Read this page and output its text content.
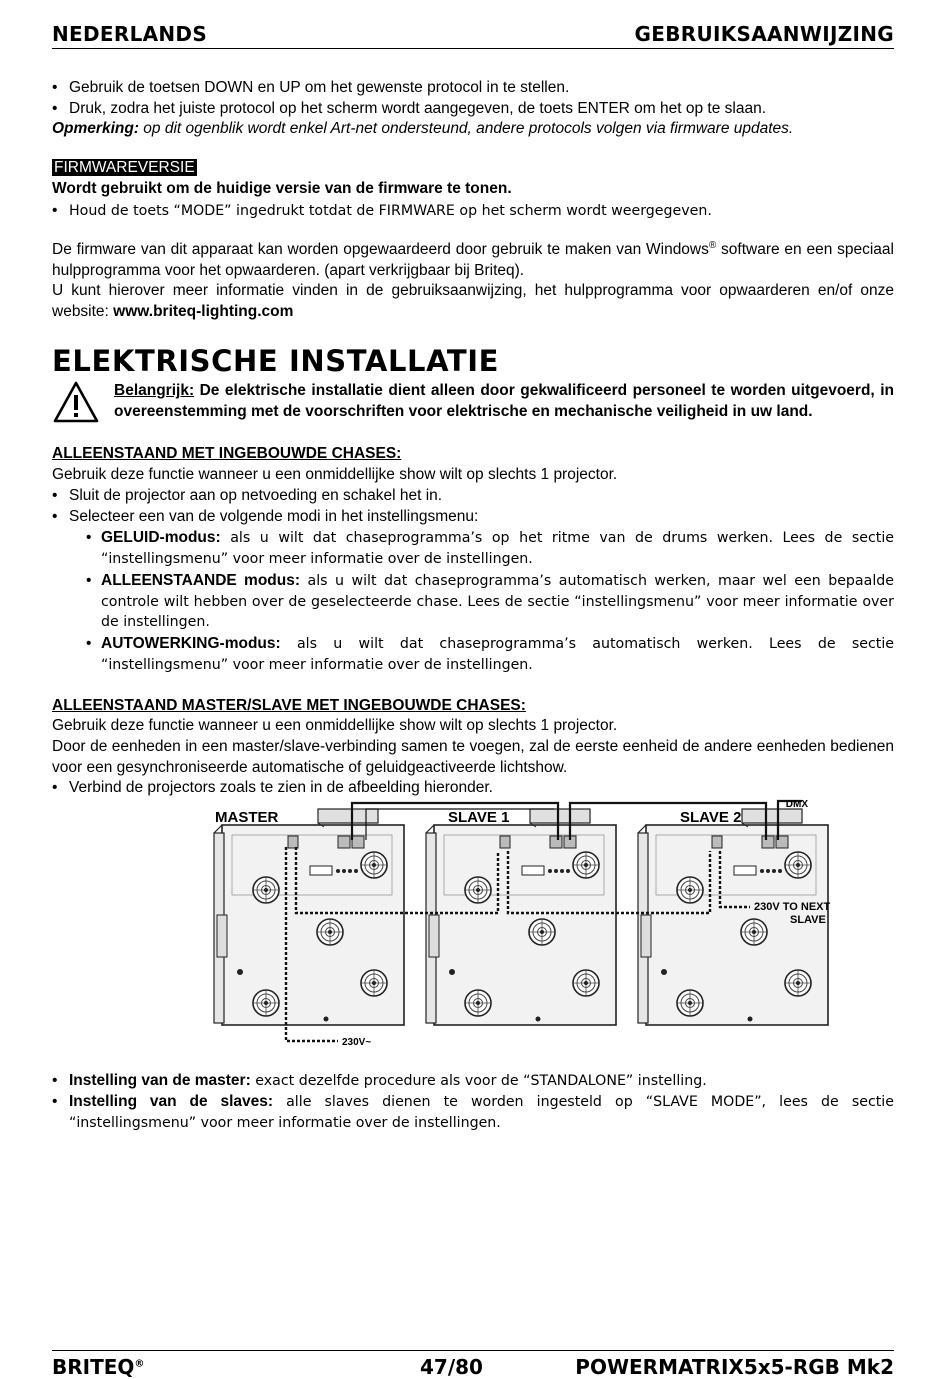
NEDERLANDS	GEBRUIKSAANWIJZING
• Gebruik de toetsen DOWN en UP om het gewenste protocol in te stellen.
• Druk, zodra het juiste protocol op het scherm wordt aangegeven, de toets ENTER om het op te slaan.
Opmerking: op dit ogenblik wordt enkel Art-net ondersteund, andere protocols volgen via firmware updates.
FIRMWAREVERSIE
Wordt gebruikt om de huidige versie van de firmware te tonen.
• Houd de toets “MODE” ingedrukt totdat de FIRMWARE op het scherm wordt weergegeven.
De firmware van dit apparaat kan worden opgewaardeerd door gebruik te maken van Windows® software en een speciaal hulpprogramma voor het opwaarderen. (apart verkrijgbaar bij Briteq).
U kunt hierover meer informatie vinden in de gebruiksaanwijzing, het hulpprogramma voor opwaarderen en/of onze website: www.briteq-lighting.com
ELEKTRISCHE INSTALLATIE
Belangrijk: De elektrische installatie dient alleen door gekwalificeerd personeel te worden uitgevoerd, in overeenstemming met de voorschriften voor elektrische en mechanische veiligheid in uw land.
ALLEENSTAAND MET INGEBOUWDE CHASES:
Gebruik deze functie wanneer u een onmiddellijke show wilt op slechts 1 projector.
• Sluit de projector aan op netvoeding en schakel het in.
• Selecteer een van de volgende modi in het instellingsmenu:
• GELUID-modus: als u wilt dat chaseprogramma’s op het ritme van de drums werken. Lees de sectie “instellingsmenu” voor meer informatie over de instellingen.
• ALLEENSTAANDE modus: als u wilt dat chaseprogramma’s automatisch werken, maar wel een bepaalde controle wilt hebben over de geselecteerde chase. Lees de sectie “instellingsmenu” voor meer informatie over de instellingen.
• AUTOWERKING-modus: als u wilt dat chaseprogramma’s automatisch werken. Lees de sectie “instellingsmenu” voor meer informatie over de instellingen.
ALLEENSTAAND MASTER/SLAVE MET INGEBOUWDE CHASES:
Gebruik deze functie wanneer u een onmiddellijke show wilt op slechts 1 projector.
Door de eenheden in een master/slave-verbinding samen te voegen, zal de eerste eenheid de andere eenheden bedienen voor een gesynchroniseerde automatische of geluidgeactiveerde lichtshow.
• Verbind de projectors zoals te zien in de afbeelding hieronder.
MASTER	SLAVE 1	SLAVE 2
DMX
230V TO NEXT
SLAVE
230V~
• Instelling van de master: exact dezelfde procedure als voor de “STANDALONE” instelling.
• Instelling van de slaves: alle slaves dienen te worden ingesteld op “SLAVE MODE”, lees de sectie “instellingsmenu” voor meer informatie over de instellingen.
BRITEQ®	47/80	POWERMATRIX5x5-RGB Mk2
